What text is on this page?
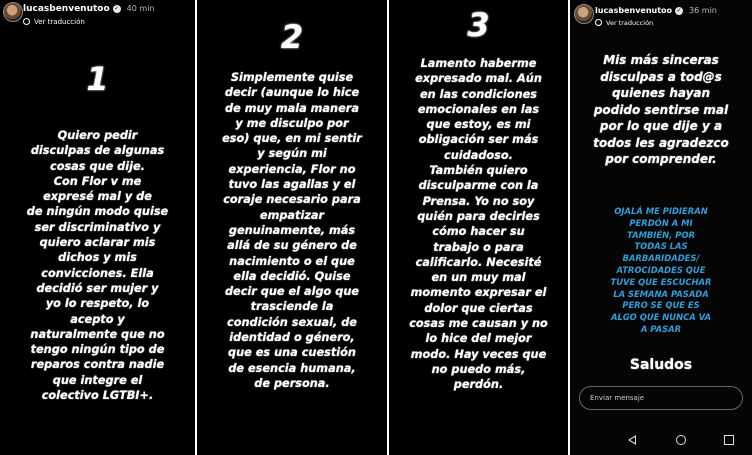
lucasbenvenutoo ✓ 40 min
Ver traducción
1
Quiero pedir
disculpas de algunas
cosas que dije.
Con Flor v me
expresé mal y de
de ningún modo quise
ser discriminativo y
quiero aclarar mis
dichos y mis
convicciones. Ella
decidió ser mujer y
yo lo respeto, lo
acepto y
naturalmente que no
tengo ningún tipo de
reparos contra nadie
que integre el
colectivo LGTBI+.
2
Simplemente quise
decir (aunque lo hice
de muy mala manera
y me disculpo por
eso) que, en mi sentir
y según mi
experiencia, Flor no
tuvo las agallas y el
coraje necesario para
empatizar
genuinamente, más
allá de su género de
nacimiento o el que
ella decidió. Quise
decir que el algo que
trasciende la
condición sexual, de
identidad o género,
que es una cuestión
de esencia humana,
de persona.
3
Lamento haberme
expresado mal. Aún
en las condiciones
emocionales en las
que estoy, es mi
obligación ser más
cuidadoso.
También quiero
disculparme con la
Prensa. Yo no soy
quién para decirles
cómo hacer su
trabajo o para
calificarlo. Necesité
en un muy mal
momento expresar el
dolor que ciertas
cosas me causan y no
lo hice del mejor
modo. Hay veces que
no puedo más,
perdón.
lucasbenvenutoo ✓ 36 min
Ver traducción
Mis más sinceras
disculpas a tod@s
quienes hayan
podido sentirse mal
por lo que dije y a
todos les agradezco
por comprender.
OJALÁ ME PIDIERAN
PERDÓN A MI
TAMBIÉN, POR
TODAS LAS
BARBARIDADES/
ATROCIDADES QUE
TUVE QUE ESCUCHAR
LA SEMANA PASADA
PERO SE QUE ES
ALGO QUE NUNCA VA
A PASAR
Saludos
Enviar mensaje
